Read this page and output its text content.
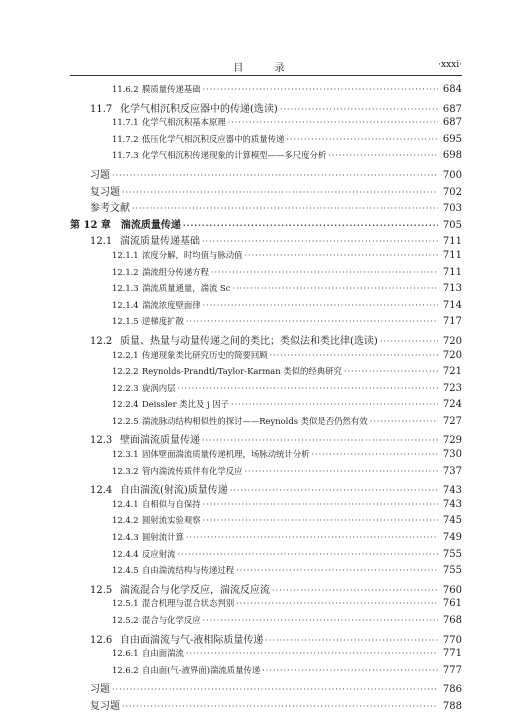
目 录	·xxxi·
11.6.2 膜质量传递基础 ·····	684
11.7 化学气相沉积反应器中的传递(选读) ·····	687
11.7.1 化学气相沉积基本原理 ·····	687
11.7.2 低压化学气相沉积反应器中的质量传递 ·····	695
11.7.3 化学气相沉积传递现象的计算模型——多尺度分析 ·····	698
习题 ·····	700
复习题 ·····	702
参考文献 ·····	703
第 12 章 湍流质量传递 ·····	705
12.1 湍流质量传递基础 ·····	711
12.1.1 浓度分解，时均值与脉动值 ·····	711
12.1.2 湍流组分传递方程 ·····	711
12.1.3 湍流质量通量，湍流 Sc ·····	713
12.1.4 湍流浓度壁面律 ·····	714
12.1.5 逆梯度扩散 ·····	717
12.2 质量、热量与动量传递之间的类比；类似法和类比律(选读) ·····	720
12.2.1 传递现象类比研究历史的简要回顾 ·····	720
12.2.2 Reynolds-Prandtl/Taylor-Karman 类似的经典研究 ·····	721
12.2.3 旋涡内层 ·····	723
12.2.4 Deissler 类比及 j 因子 ·····	724
12.2.5 湍流脉动结构相似性的探讨——Reynolds 类似是否仍然有效 ·····	727
12.3 壁面湍流质量传递 ·····	729
12.3.1 固体壁面湍流质量传递机理，场脉动统计分析 ·····	730
12.3.2 管内湍流传质伴有化学反应 ·····	737
12.4 自由湍流(射流)质量传递 ·····	743
12.4.1 自相似与自保持 ·····	743
12.4.2 圆射流实验观察 ·····	745
12.4.3 圆射流计算 ·····	749
12.4.4 反应射流 ·····	755
12.4.5 自由湍流结构与传递过程 ·····	755
12.5 湍流混合与化学反应，湍流反应流 ·····	760
12.5.1 混合机理与混合状态判别 ·····	761
12.5.2 混合与化学反应 ·····	768
12.6 自由面湍流与气-液相际质量传递 ·····	770
12.6.1 自由面湍流 ·····	771
12.6.2 自由面(气-液界面)湍流质量传递 ·····	777
习题 ·····	786
复习题 ·····	788
